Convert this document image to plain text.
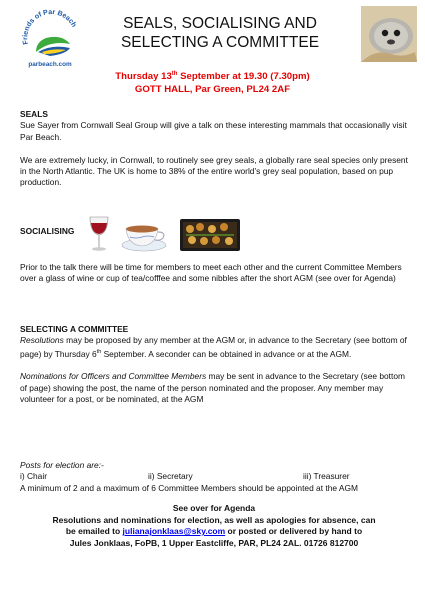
Friends of Par Beach
parbeach.com
SEALS, SOCIALISING AND
SELECTING A COMMITTEE
Thursday 13th September at 19.30 (7.30pm)
GOTT HALL, Par Green, PL24 2AF

SEALS

Sue Sayer from Cornwall Seal Group will give a talk on these interesting mammals that occasionally visit Par Beach.

We are extremely lucky, in Cornwall, to routinely see grey seals, a globally rare seal species only present in the North Atlantic. The UK is home to 38% of the entire world’s grey seal population, based on pup production.

SOCIALISING

Prior to the talk there will be time for members to meet each other and the current Committee Members over a glass of wine or cup of tea/cofffee and some nibbles after the short AGM (see over for Agenda)

SELECTING A COMMITTEE

Resolutions may be proposed by any member at the AGM or, in advance to the Secretary (see bottom of page) by Thursday 6th September. A seconder can be obtained in advance or at the AGM.

Nominations for Officers and Committee Members may be sent in advance to the Secretary (see bottom of page) showing the post, the name of the person nominated and the proposer. Any member may volunteer for a post, or be nominated, at the AGM

Posts for election are:-

i) Chair	ii) Secretary	iii) Treasurer

A minimum of 2 and a maximum of 6 Committee Members should be appointed at the AGM

See over for Agenda
Resolutions and nominations for election, as well as apologies for absence, can
be emailed to julianajonklaas@sky.com or posted or delivered by hand to
Jules Jonklaas, FoPB, 1 Upper Eastcliffe, PAR, PL24 2AL. 01726 812700
